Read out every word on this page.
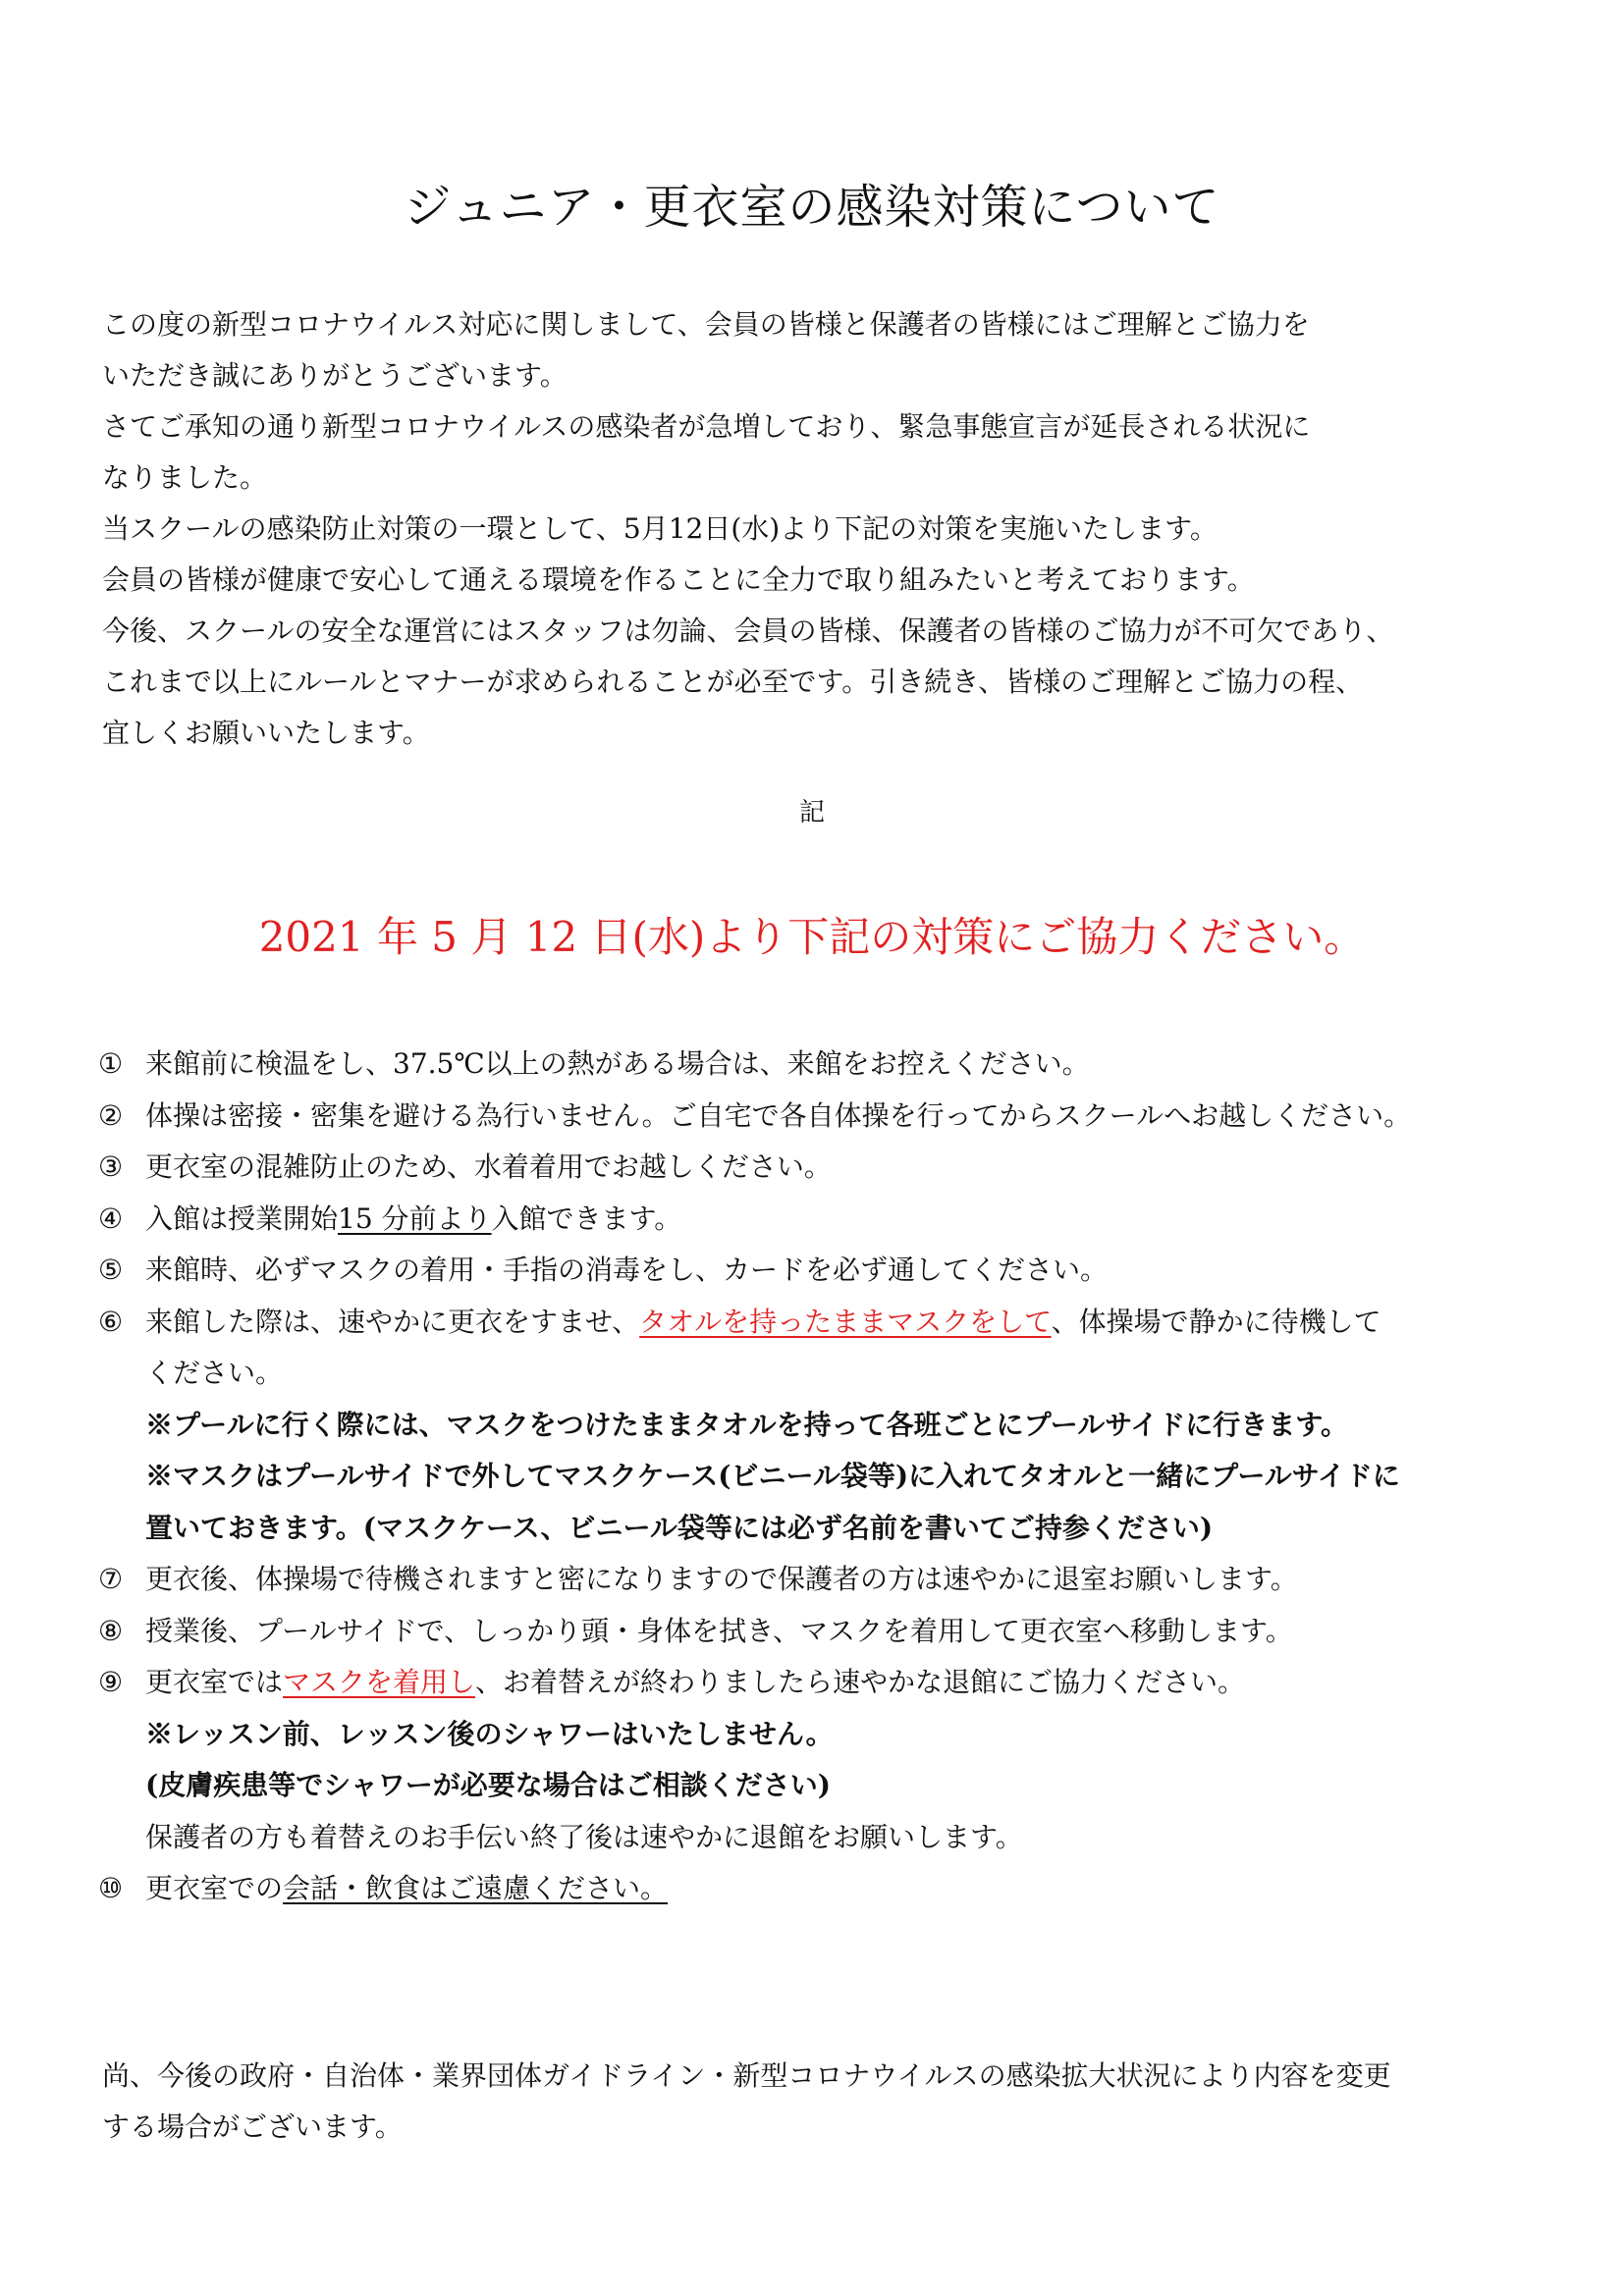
ジュニア・更衣室の感染対策について
この度の新型コロナウイルス対応に関しまして、会員の皆様と保護者の皆様にはご理解とご協力を
いただき誠にありがとうございます。
さてご承知の通り新型コロナウイルスの感染者が急増しており、緊急事態宣言が延長される状況に
なりました。
当スクールの感染防止対策の一環として、5月12日(水)より下記の対策を実施いたします。
会員の皆様が健康で安心して通える環境を作ることに全力で取り組みたいと考えております。
今後、スクールの安全な運営にはスタッフは勿論、会員の皆様、保護者の皆様のご協力が不可欠であり、
これまで以上にルールとマナーが求められることが必至です。引き続き、皆様のご理解とご協力の程、
宜しくお願いいたします。
記
2021 年 5 月 12 日(水)より下記の対策にご協力ください。
① 来館前に検温をし、37.5℃以上の熱がある場合は、来館をお控えください。
② 体操は密接・密集を避ける為行いません。ご自宅で各自体操を行ってからスクールへお越しください。
③ 更衣室の混雑防止のため、水着着用でお越しください。
④ 入館は授業開始15 分前より入館できます。
⑤ 来館時、必ずマスクの着用・手指の消毒をし、カードを必ず通してください。
⑥ 来館した際は、速やかに更衣をすませ、タオルを持ったままマスクをして、体操場で静かに待機して
ください。
※プールに行く際には、マスクをつけたままタオルを持って各班ごとにプールサイドに行きます。
※マスクはプールサイドで外してマスクケース(ビニール袋等)に入れてタオルと一緒にプールサイドに
置いておきます。(マスクケース、ビニール袋等には必ず名前を書いてご持参ください)
⑦ 更衣後、体操場で待機されますと密になりますので保護者の方は速やかに退室お願いします。
⑧ 授業後、プールサイドで、しっかり頭・身体を拭き、マスクを着用して更衣室へ移動します。
⑨ 更衣室ではマスクを着用し、お着替えが終わりましたら速やかな退館にご協力ください。
※レッスン前、レッスン後のシャワーはいたしません。
(皮膚疾患等でシャワーが必要な場合はご相談ください)
保護者の方も着替えのお手伝い終了後は速やかに退館をお願いします。
⑩ 更衣室での会話・飲食はご遠慮ください。
尚、今後の政府・自治体・業界団体ガイドライン・新型コロナウイルスの感染拡大状況により内容を変更
する場合がございます。
